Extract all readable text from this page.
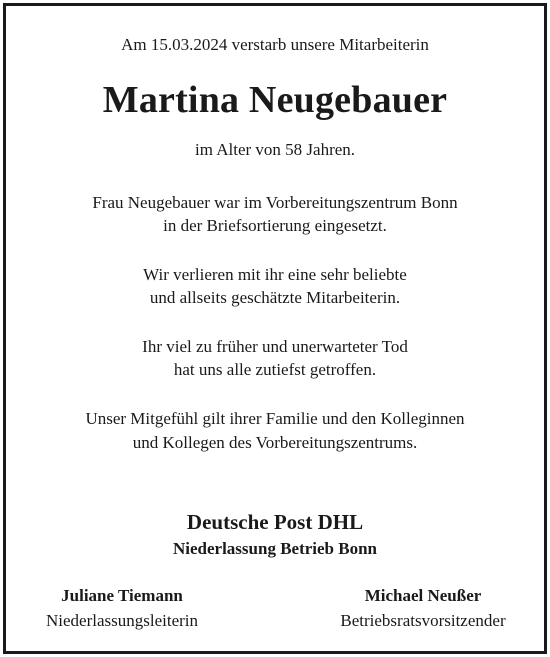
Am 15.03.2024 verstarb unsere Mitarbeiterin
Martina Neugebauer
im Alter von 58 Jahren.
Frau Neugebauer war im Vorbereitungszentrum Bonn
in der Briefsortierung eingesetzt.
Wir verlieren mit ihr eine sehr beliebte
und allseits geschätzte Mitarbeiterin.
Ihr viel zu früher und unerwarteter Tod
hat uns alle zutiefst getroffen.
Unser Mitgefühl gilt ihrer Familie und den Kolleginnen
und Kollegen des Vorbereitungszentrums.
Deutsche Post DHL
Niederlassung Betrieb Bonn
Juliane Tiemann
Niederlassungsleiterin
Michael Neußer
Betriebsratsvorsitzender
